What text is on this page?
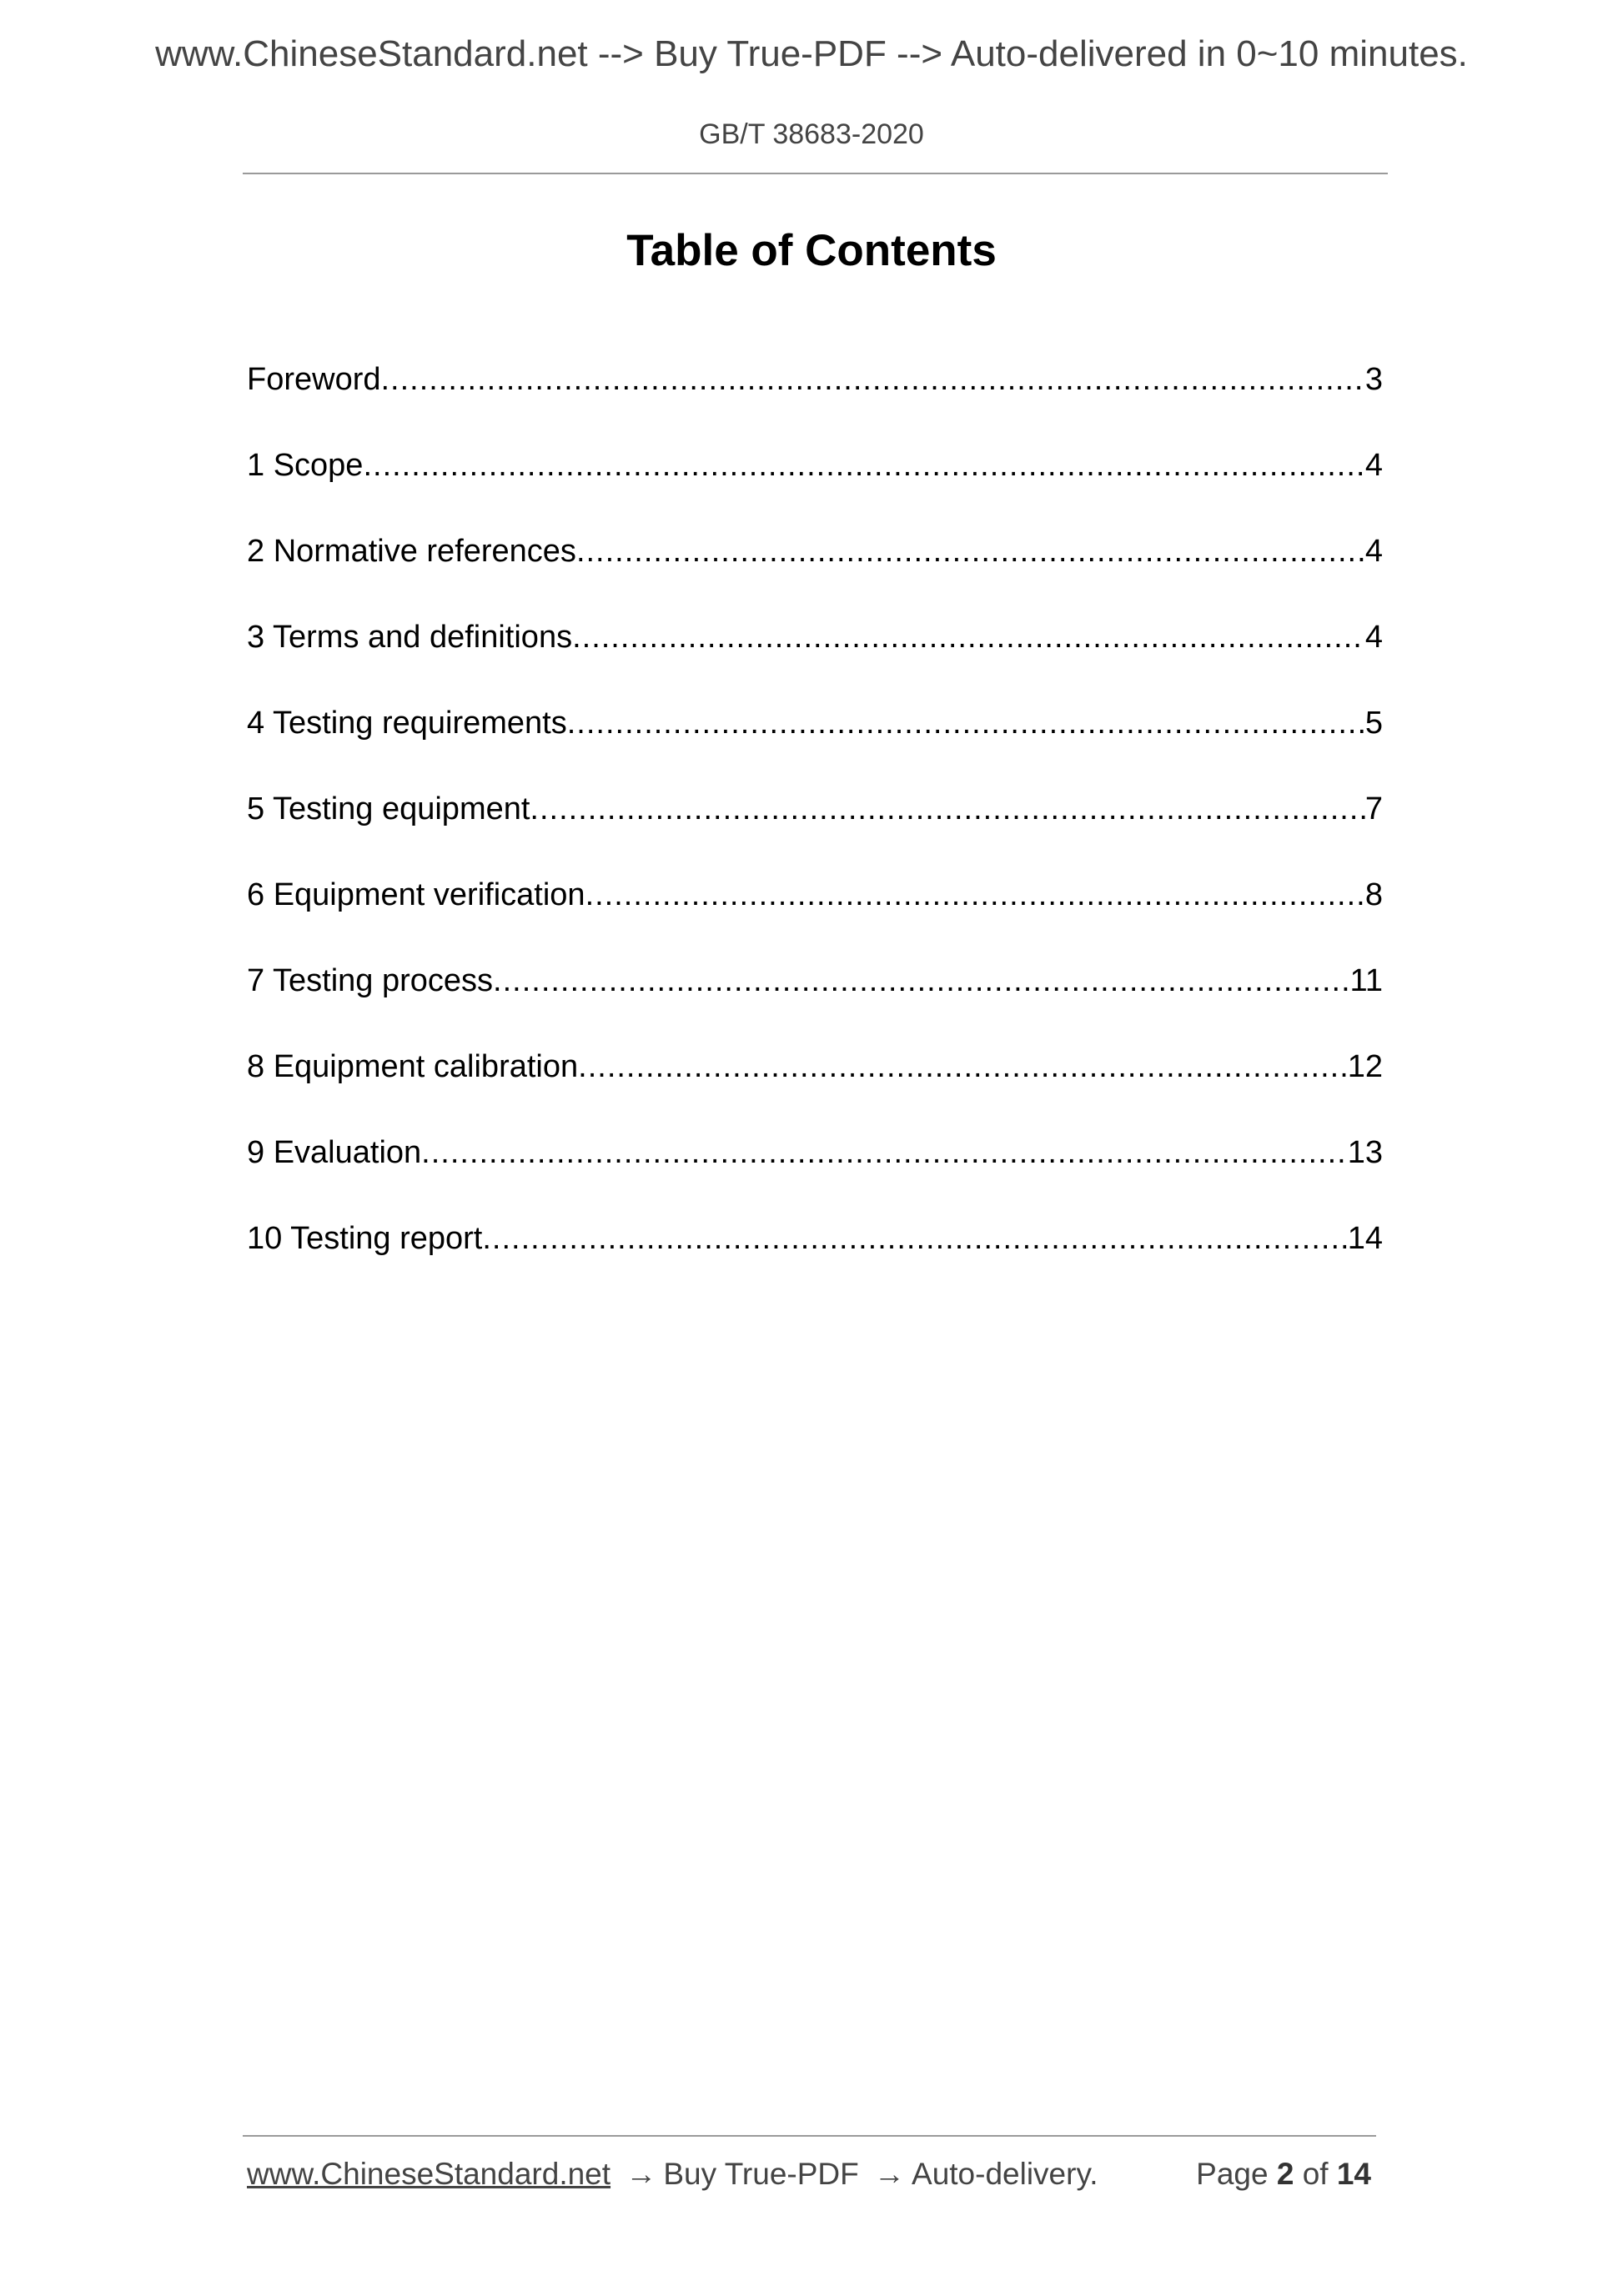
www.ChineseStandard.net --> Buy True-PDF --> Auto-delivered in 0~10 minutes.
GB/T 38683-2020
Table of Contents
Foreword .....	3
1 Scope .....	4
2 Normative references .....	4
3 Terms and definitions .....	4
4 Testing requirements .....	5
5 Testing equipment .....	7
6 Equipment verification .....	8
7 Testing process .....	11
8 Equipment calibration .....	12
9 Evaluation .....	13
10 Testing report .....	14
www.ChineseStandard.net → Buy True-PDF → Auto-delivery.	Page 2 of 14
